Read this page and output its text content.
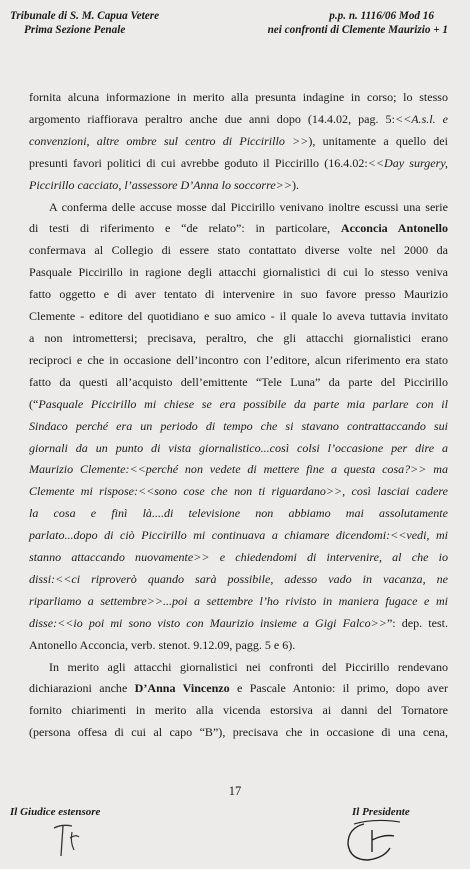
Tribunale di S. M. Capua Vetere
Prima Sezione Penale
p.p. n. 1116/06 Mod 16
nei confronti di Clemente Maurizio + 1

fornita alcuna informazione in merito alla presunta indagine in corso; lo stesso
argomento riaffiorava peraltro anche due anni dopo (14.4.02, pag. 5:<<A.s.l. e
convenzioni, altre ombre sul centro di Piccirillo >>), unitamente a quello dei
presunti favori politici di cui avrebbe goduto il Piccirillo (16.4.02:<<Day surgery,
Piccirillo cacciato, l’assessore D’Anna lo soccorre>>).

A conferma delle accuse mosse dal Piccirillo venivano inoltre escussi una serie
di testi di riferimento e “de relato”: in particolare, Acconcia Antonello
confermava al Collegio di essere stato contattato diverse volte nel 2000 da
Pasquale Piccirillo in ragione degli attacchi giornalistici di cui lo stesso veniva
fatto oggetto e di aver tentato di intervenire in suo favore presso Maurizio
Clemente - editore del quotidiano e suo amico - il quale lo aveva tuttavia invitato
a non intromettersi; precisava, peraltro, che gli attacchi giornalistici erano
reciproci e che in occasione dell’incontro con l’editore, alcun riferimento era stato
fatto da questi all’acquisto dell’emittente “Tele Luna” da parte del Piccirillo
(“Pasquale Piccirillo mi chiese se era possibile da parte mia parlare con il
Sindaco perché era un periodo di tempo che si stavano contrattaccando sui
giornali da un punto di vista giornalistico...così colsi l’occasione per dire a
Maurizio Clemente:<<perché non vedete di mettere fine a questa cosa?>> ma
Clemente mi rispose:<<sono cose che non ti riguardano>>, così lasciai cadere
la cosa e finì là....di televisione non abbiamo mai assolutamente
parlato...dopo di ciò Piccirillo mi continuava a chiamare dicendomi:<<vedi, mi
stanno attaccando nuovamente>> e chiedendomi di intervenire, al che io
dissi:<<ci riproverò quando sarà possibile, adesso vado in vacanza, ne
riparliamo a settembre>>...poi a settembre l’ho rivisto in maniera fugace e mi
disse:<<io poi mi sono visto con Maurizio insieme a Gigi Falco>>”: dep. test.
Antonello Acconcia, verb. stenot. 9.12.09, pagg. 5 e 6).

In merito agli attacchi giornalistici nei confronti del Piccirillo rendevano
dichiarazioni anche D’Anna Vincenzo e Pascale Antonio: il primo, dopo aver
fornito chiarimenti in merito alla vicenda estorsiva ai danni del Tornatore
(persona offesa di cui al capo “B”), precisava che in occasione di una cena,

17
Il Giudice estensore	Il Presidente
